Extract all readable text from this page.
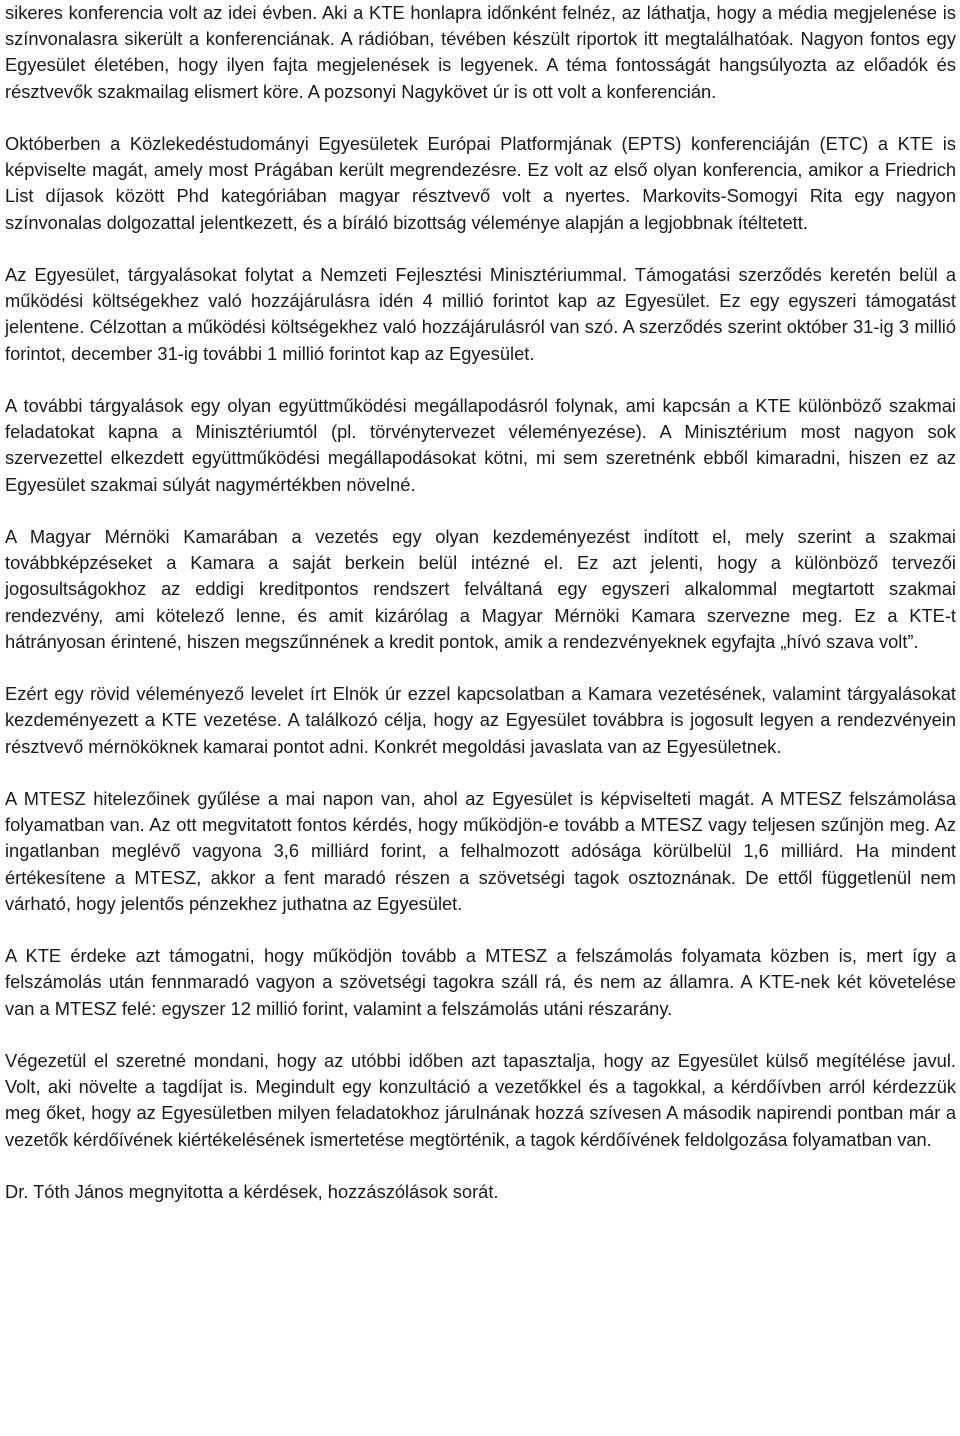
sikeres konferencia volt az idei évben. Aki a KTE honlapra időnként felnéz, az láthatja, hogy a média megjelenése is színvonalasra sikerült a konferenciának. A rádióban, tévében készült riportok itt megtalálhatóak. Nagyon fontos egy Egyesület életében, hogy ilyen fajta megjelenések is legyenek. A téma fontosságát hangsúlyozta az előadók és résztvevők szakmailag elismert köre. A pozsonyi Nagykövet úr is ott volt a konferencián.

Októberben a Közlekedéstudományi Egyesületek Európai Platformjának (EPTS) konferenciáján (ETC) a KTE is képviselte magát, amely most Prágában került megrendezésre. Ez volt az első olyan konferencia, amikor a Friedrich List díjasok között Phd kategóriában magyar résztvevő volt a nyertes. Markovits-Somogyi Rita egy nagyon színvonalas dolgozattal jelentkezett, és a bíráló bizottság véleménye alapján a legjobbnak ítéltetett.

Az Egyesület, tárgyalásokat folytat a Nemzeti Fejlesztési Minisztériummal. Támogatási szerződés keretén belül a működési költségekhez való hozzájárulásra idén 4 millió forintot kap az Egyesület. Ez egy egyszeri támogatást jelentene. Célzottan a működési költségekhez való hozzájárulásról van szó. A szerződés szerint október 31-ig 3 millió forintot, december 31-ig további 1 millió forintot kap az Egyesület.

A további tárgyalások egy olyan együttműködési megállapodásról folynak, ami kapcsán a KTE különböző szakmai feladatokat kapna a Minisztériumtól (pl. törvénytervezet véleményezése). A Minisztérium most nagyon sok szervezettel elkezdett együttműködési megállapodásokat kötni, mi sem szeretnénk ebből kimaradni, hiszen ez az Egyesület szakmai súlyát nagymértékben növelné.

A Magyar Mérnöki Kamarában a vezetés egy olyan kezdeményezést indított el, mely szerint a szakmai továbbképzéseket a Kamara a saját berkein belül intézné el. Ez azt jelenti, hogy a különböző tervezői jogosultságokhoz az eddigi kreditpontos rendszert felváltaná egy egyszeri alkalommal megtartott szakmai rendezvény, ami kötelező lenne, és amit kizárólag a Magyar Mérnöki Kamara szervezne meg. Ez a KTE-t hátrányosan érintené, hiszen megszűnnének a kredit pontok, amik a rendezvényeknek egyfajta „hívó szava volt”.

Ezért egy rövid véleményező levelet írt Elnök úr ezzel kapcsolatban a Kamara vezetésének, valamint tárgyalásokat kezdeményezett a KTE vezetése. A találkozó célja, hogy az Egyesület továbbra is jogosult legyen a rendezvényein résztvevő mérnököknek kamarai pontot adni. Konkrét megoldási javaslata van az Egyesületnek.

A MTESZ hitelezőinek gyűlése a mai napon van, ahol az Egyesület is képviselteti magát. A MTESZ felszámolása folyamatban van. Az ott megvitatott fontos kérdés, hogy működjön-e tovább a MTESZ vagy teljesen szűnjön meg. Az ingatlanban meglévő vagyona 3,6 milliárd forint, a felhalmozott adósága körülbelül 1,6 milliárd. Ha mindent értékesítene a MTESZ, akkor a fent maradó részen a szövetségi tagok osztoznának. De ettől függetlenül nem várható, hogy jelentős pénzekhez juthatna az Egyesület.

A KTE érdeke azt támogatni, hogy működjön tovább a MTESZ a felszámolás folyamata közben is, mert így a felszámolás után fennmaradó vagyon a szövetségi tagokra száll rá, és nem az államra. A KTE-nek két követelése van a MTESZ felé: egyszer 12 millió forint, valamint a felszámolás utáni részarány.

Végezetül el szeretné mondani, hogy az utóbbi időben azt tapasztalja, hogy az Egyesület külső megítélése javul. Volt, aki növelte a tagdíjat is. Megindult egy konzultáció a vezetőkkel és a tagokkal, a kérdőívben arról kérdezzük meg őket, hogy az Egyesületben milyen feladatokhoz járulnának hozzá szívesen A második napirendi pontban már a vezetők kérdőívének kiértékelésének ismertetése megtörténik, a tagok kérdőívének feldolgozása folyamatban van.

Dr. Tóth János megnyitotta a kérdések, hozzászólások sorát.
